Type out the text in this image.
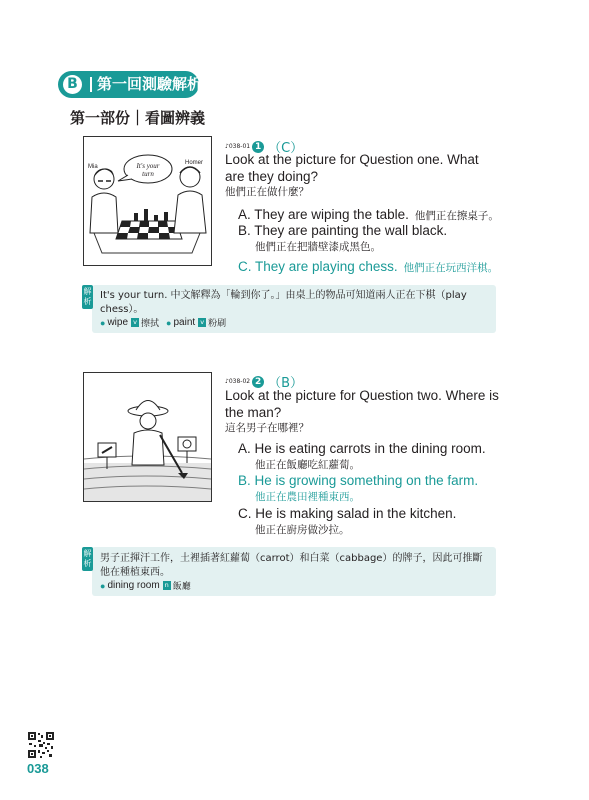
B 第一回測驗解析
第一部份｜看圖辨義
Mia
Homer
It's your turn
♪038-01 1 （C）
Look at the picture for Question one. What are they doing?
他們正在做什麼？
A. They are wiping the table. 他們正在擦桌子。
B. They are painting the wall black.
他們正在把牆壁漆成黑色。
C. They are playing chess. 他們正在玩西洋棋。
解析
It's your turn. 中文解釋為「輪到你了。」由桌上的物品可知道兩人正在下棋（play chess）。
● wipe v 擦拭 ● paint v 粉刷
♪038-02 2 （B）
Look at the picture for Question two. Where is the man?
這名男子在哪裡？
A. He is eating carrots in the dining room.
他正在飯廳吃紅蘿蔔。
B. He is growing something on the farm.
他正在農田裡種東西。
C. He is making salad in the kitchen.
他正在廚房做沙拉。
解析 男子正揮汗工作，土裡插著紅蘿蔔（carrot）和白菜（cabbage）的牌子，因此可推斷他在種植東西。
● dining room n 飯廳
038
